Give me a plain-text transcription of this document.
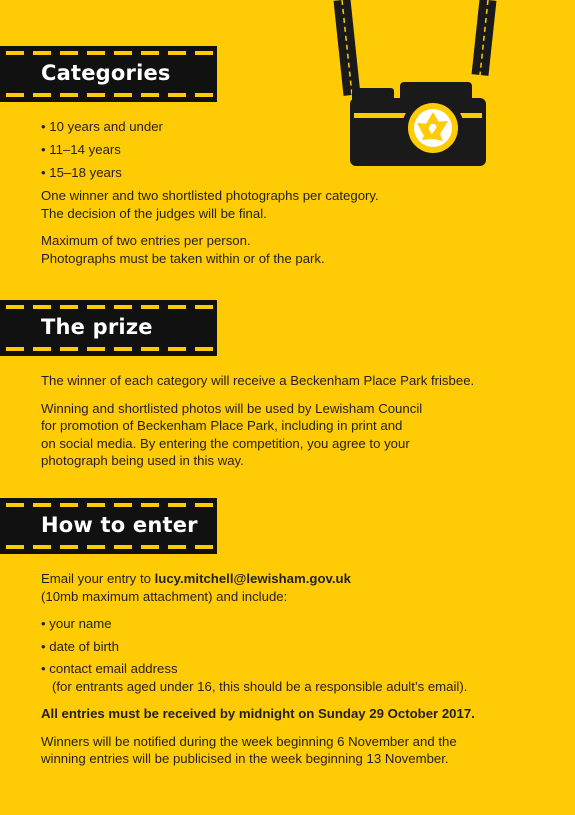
Categories

• 10 years and under

• 11–14 years

• 15–18 years

One winner and two shortlisted photographs per category.

The decision of the judges will be final.

Maximum of two entries per person.

Photographs must be taken within or of the park.

The prize

The winner of each category will receive a Beckenham Place Park frisbee.

Winning and shortlisted photos will be used by Lewisham Council

for promotion of Beckenham Place Park, including in print and

on social media. By entering the competition, you agree to your

photograph being used in this way.

How to enter

Email your entry to lucy.mitchell@lewisham.gov.uk

(10mb maximum attachment) and include:

• your name

• date of birth

• contact email address

(for entrants aged under 16, this should be a responsible adult’s email).

All entries must be received by midnight on Sunday 29 October 2017.

Winners will be notified during the week beginning 6 November and the

winning entries will be publicised in the week beginning 13 November.
